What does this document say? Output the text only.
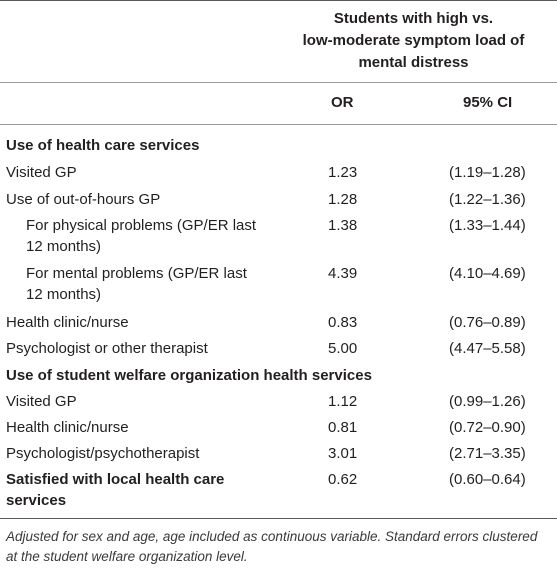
Students with high vs.
low-moderate symptom load of
mental distress
OR	95% CI
Use of health care services
Visited GP	1.23	(1.19–1.28)
Use of out-of-hours GP	1.28	(1.22–1.36)
For physical problems (GP/ER last
12 months)
1.38	(1.33–1.44)
For mental problems (GP/ER last
12 months)
4.39	(4.10–4.69)
Health clinic/nurse	0.83	(0.76–0.89)
Psychologist or other therapist	5.00	(4.47–5.58)
Use of student welfare organization health services
Visited GP	1.12	(0.99–1.26)
Health clinic/nurse	0.81	(0.72–0.90)
Psychologist/psychotherapist	3.01	(2.71–3.35)
Satisfied with local health care
services
0.62	(0.60–0.64)
Adjusted for sex and age, age included as continuous variable. Standard errors clustered
at the student welfare organization level.
